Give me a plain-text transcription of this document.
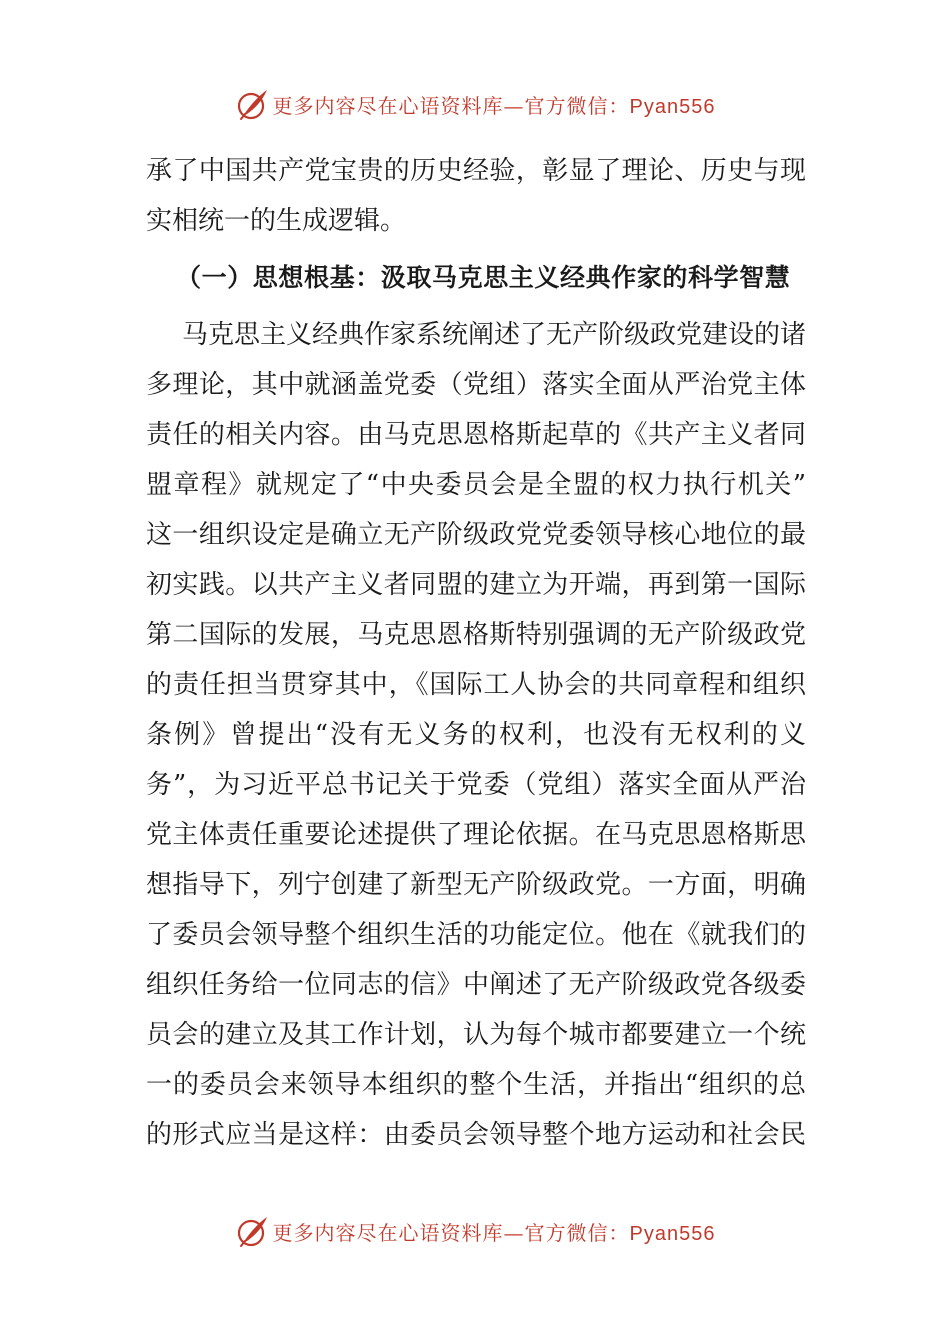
更多内容尽在心语资料库—官方微信：Pyan556
承了中国共产党宝贵的历史经验，彰显了理论、历史与现
实相统一的生成逻辑。
（一）思想根基：汲取马克思主义经典作家的科学智慧
马克思主义经典作家系统阐述了无产阶级政党建设的诸
多理论，其中就涵盖党委（党组）落实全面从严治党主体
责任的相关内容。由马克思恩格斯起草的《共产主义者同
盟章程》就规定了“中央委员会是全盟的权力执行机关”
这一组织设定是确立无产阶级政党党委领导核心地位的最
初实践。以共产主义者同盟的建立为开端，再到第一国际
第二国际的发展，马克思恩格斯特别强调的无产阶级政党
的责任担当贯穿其中，《国际工人协会的共同章程和组织
条例》曾提出“没有无义务的权利，也没有无权利的义
务”，为习近平总书记关于党委（党组）落实全面从严治
党主体责任重要论述提供了理论依据。在马克思恩格斯思
想指导下，列宁创建了新型无产阶级政党。一方面，明确
了委员会领导整个组织生活的功能定位。他在《就我们的
组织任务给一位同志的信》中阐述了无产阶级政党各级委
员会的建立及其工作计划，认为每个城市都要建立一个统
一的委员会来领导本组织的整个生活，并指出“组织的总
的形式应当是这样：由委员会领导整个地方运动和社会民
更多内容尽在心语资料库—官方微信：Pyan556
